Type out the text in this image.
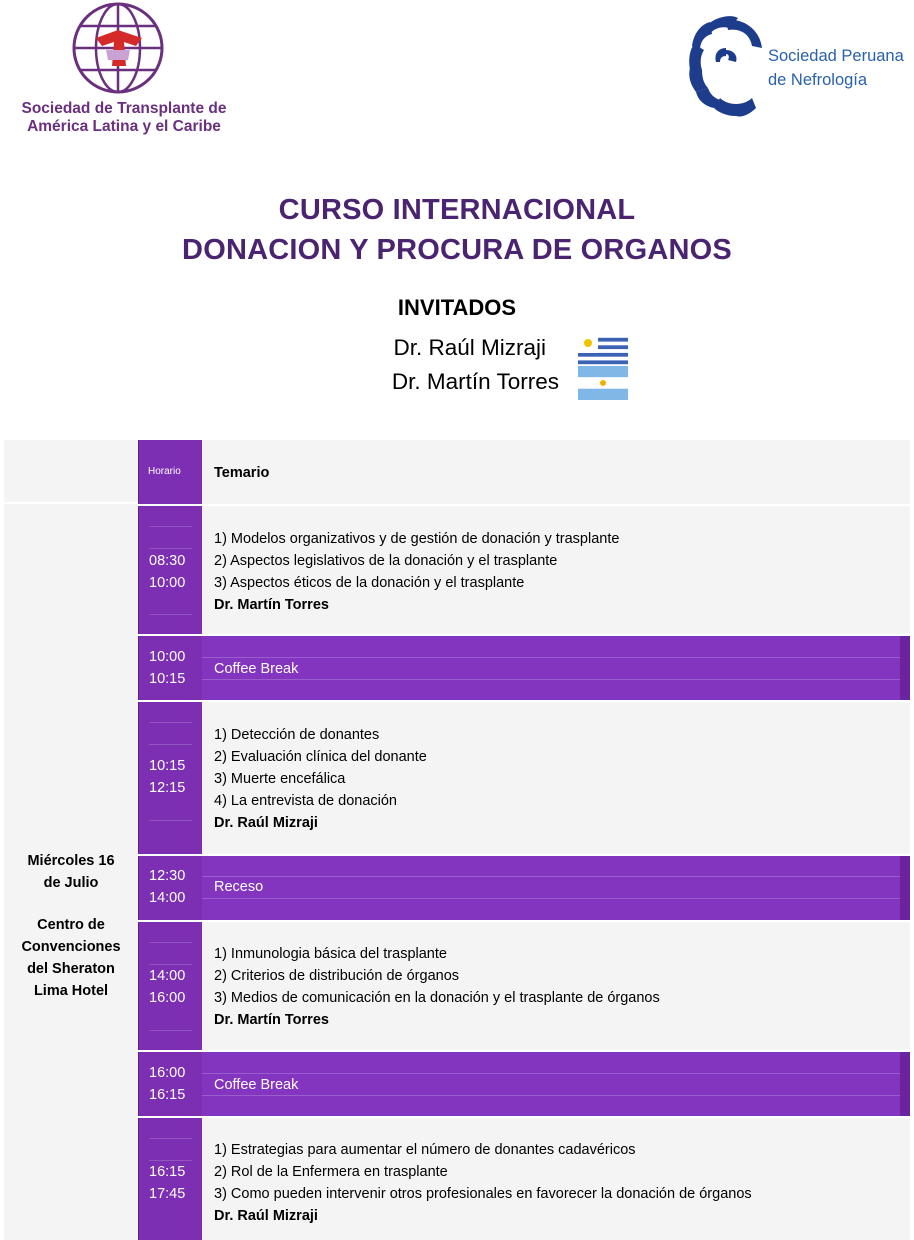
Sociedad de Transplante de América Latina y el Caribe
Sociedad Peruana
de Nefrología
CURSO INTERNACIONAL
DONACION Y PROCURA DE ORGANOS
INVITADOS
Dr. Raúl Mizraji
Dr. Martín Torres
Horario Temario
Miércoles 16
de Julio
Centro de
Convenciones
del Sheraton
Lima Hotel
08:30
10:00
1) Modelos organizativos y de gestión de donación y trasplante
2) Aspectos legislativos de la donación y el trasplante
3) Aspectos éticos de la donación y el trasplante
Dr. Martín Torres
10:00
10:15
Coffee Break
10:15
12:15
1) Detección de donantes
2) Evaluación clínica del donante
3) Muerte encefálica
4) La entrevista de donación
Dr. Raúl Mizraji
12:30
14:00
Receso
14:00
16:00
1) Inmunologia básica del trasplante
2) Criterios de distribución de órganos
3) Medios de comunicación en la donación y el trasplante de órganos
Dr. Martín Torres
16:00
16:15
Coffee Break
16:15
17:45
1) Estrategias para aumentar el número de donantes cadavéricos
2) Rol de la Enfermera en trasplante
3) Como pueden intervenir otros profesionales en favorecer la donación de órganos
Dr. Raúl Mizraji
